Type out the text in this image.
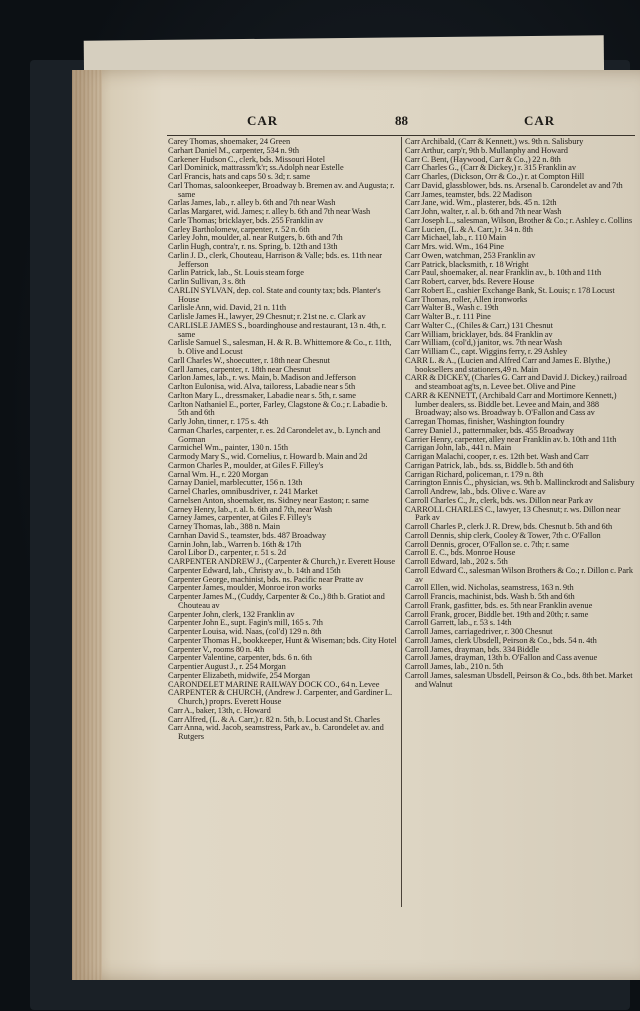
CAR	88	CAR

Carey Thomas, shoemaker, 24 Green

Carhart Daniel M., carpenter, 534 n. 9th

Carkener Hudson C., clerk, bds. Missouri Hotel

Carl Dominick, mattrassm'k'r; ss.Adolph near Estelle

Carl Francis, hats and caps 50 s. 3d; r. same

Carl Thomas, saloonkeeper, Broadway b. Bremen av. and Augusta; r. same

Carlas James, lab., r. alley b. 6th and 7th near Wash

Carlas Margaret, wid. James; r. alley b. 6th and 7th near Wash

Carle Thomas; bricklayer, bds. 255 Franklin av

Carley Bartholomew, carpenter, r. 52 n. 6th

Carley John, moulder, al. near Rutgers, b. 6th and 7th

Carlin Hugh, contra'r, r. ns. Spring, b. 12th and 13th

Carlin J. D., clerk, Chouteau, Harrison & Valle; bds. es. 11th near Jefferson

Carlin Patrick, lab., St. Louis steam forge

Carlin Sullivan, 3 s. 8th

CARLIN SYLVAN, dep. col. State and county tax; bds. Planter's House

Carlisle Ann, wid. David, 21 n. 11th

Carlisle James H., lawyer, 29 Chesnut; r. 21st ne. c. Clark av

CARLISLE JAMES S., boardinghouse and restaurant, 13 n. 4th, r. same

Carlisle Samuel S., salesman, H. & R. B. Whittemore & Co., r. 11th, b. Olive and Locust

Carll Charles W., shoecutter, r. 18th near Chesnut

Carll James, carpenter, r. 18th near Chesnut

Carlon James, lab., r. ws. Main, b. Madison and Jefferson

Carlton Eulonisa, wid. Alva, tailoress, Labadie near s 5th

Carlton Mary L., dressmaker, Labadie near s. 5th, r. same

Carlton Nathaniel E., porter, Farley, Clagstone & Co.; r. Labadie b. 5th and 6th

Carly John, tinner, r. 175 s. 4th

Carman Charles, carpenter, r. es. 2d Carondelet av., b. Lynch and Gorman

Carmichel Wm., painter, 130 n. 15th

Carmody Mary S., wid. Cornelius, r. Howard b. Main and 2d

Carmon Charles P., moulder, at Giles F. Filley's

Carnal Wm. H., r. 220 Morgan

Carnay Daniel, marblecutter, 156 n. 13th

Carnel Charles, omnibusdriver, r. 241 Market

Carnelsen Anton, shoemaker, ns. Sidney near Easton; r. same

Carney Henry, lab., r. al. b. 6th and 7th, near Wash

Carney James, carpenter, at Giles F. Filley's

Carney Thomas, lab., 388 n. Main

Carnhan David S., teamster, bds. 487 Broadway

Carnin John, lab., Warren b. 16th & 17th

Carol Libor D., carpenter, r. 51 s. 2d

CARPENTER ANDREW J., (Carpenter & Church,) r. Everett House

Carpenter Edward, lab., Christy av., b. 14th and 15th

Carpenter George, machinist, bds. ns. Pacific near Pratte av

Carpenter James, moulder, Monroe iron works

Carpenter James M., (Cuddy, Carpenter & Co.,) 8th b. Gratiot and Chouteau av

Carpenter John, clerk, 132 Franklin av

Carpenter John E., supt. Fagin's mill, 165 s. 7th

Carpenter Louisa, wid. Naas, (col'd) 129 n. 8th

Carpenter Thomas H., bookkeeper, Hunt & Wiseman; bds. City Hotel

Carpenter V., rooms 80 n. 4th

Carpenter Valentine, carpenter, bds. 6 n. 6th

Carpentier August J., r. 254 Morgan

Carpenter Elizabeth, midwife, 254 Morgan

CARONDELET MARINE RAILWAY DOCK CO., 64 n. Levee

CARPENTER & CHURCH, (Andrew J. Carpenter, and Gardiner L. Church,) proprs. Everett House

Carr A., baker, 13th, c. Howard

Carr Alfred, (L. & A. Carr,) r. 82 n. 5th, b. Locust and St. Charles

Carr Anna, wid. Jacob, seamstress, Park av., b. Carondelet av. and Rutgers

Carr Archibald, (Carr & Kennett,) ws. 9th n. Salisbury

Carr Arthur, carp'r, 9th b. Mullanphy and Howard

Carr C. Bent, (Haywood, Carr & Co.,) 22 n. 8th

Carr Charles G., (Carr & Dickey,) r. 315 Franklin av

Carr Charles, (Dickson, Orr & Co.,) r. at Compton Hill

Carr David, glassblower, bds. ns. Arsenal b. Carondelet av and 7th

Carr James, teamster, bds. 22 Madison

Carr Jane, wid. Wm., plasterer, bds. 45 n. 12th

Carr John, walter, r. al. b. 6th and 7th near Wash

Carr Joseph L., salesman, Wilson, Brother & Co.; r. Ashley c. Collins

Carr Lucien, (L. & A. Carr,) r. 34 n. 8th

Carr Michael, lab., r. 110 Main

Carr Mrs. wid. Wm., 164 Pine

Carr Owen, watchman, 253 Franklin av

Carr Patrick, blacksmith, r. 18 Wright

Carr Paul, shoemaker, al. near Franklin av., b. 10th and 11th

Carr Robert, carver, bds. Revere House

Carr Robert E., cashier Exchange Bank, St. Louis; r. 178 Locust

Carr Thomas, roller, Allen ironworks

Carr Walter B., Wash c. 19th

Carr Walter B., r. 111 Pine

Carr Walter C., (Chiles & Carr,) 131 Chesnut

Carr William, bricklayer, bds. 84 Franklin av

Carr William, (col'd,) janitor, ws. 7th near Wash

Carr William C., capt. Wiggins ferry, r. 29 Ashley

CARR L. & A., (Lucien and Alfred Carr and James E. Blythe,) booksellers and stationers,49 n. Main

CARR & DICKEY, (Charles G. Carr and David J. Dickey,) railroad and steamboat ag'ts, n. Levee bet. Olive and Pine

CARR & KENNETT, (Archibald Carr and Mortimore Kennett,) lumber dealers, ss. Biddle bet. Levee and Main, and 388 Broadway; also ws. Broadway b. O'Fallon and Cass av

Carregan Thomas, finisher, Washington foundry

Carrey Daniel J., patternmaker, bds. 455 Broadway

Carrier Henry, carpenter, alley near Franklin av. b. 10th and 11th

Carrigan John, lab., 441 n. Main

Carrigan Malachi, cooper, r. es. 12th bet. Wash and Carr

Carrigan Patrick, lab., bds. ss, Biddle b. 5th and 6th

Carrigan Richard, policeman, r. 179 n. 8th

Carrington Ennis C., physician, ws. 9th b. Mallinckrodt and Salisbury

Carroll Andrew, lab., bds. Olive c. Ware av

Carroll Charles C., Jr., clerk, bds. ws. Dillon near Park av

CARROLL CHARLES C., lawyer, 13 Chesnut; r. ws. Dillon near Park av

Carroll Charles P., clerk J. R. Drew, bds. Chesnut b. 5th and 6th

Carroll Dennis, ship clerk, Cooley & Tower, 7th c. O'Fallon

Carroll Dennis, grocer, O'Fallon se. c. 7th; r. same

Carroll E. C., bds. Monroe House

Carroll Edward, lab., 202 s. 5th

Carroll Edward C., salesman Wilson Brothers & Co.; r. Dillon c. Park av

Carroll Ellen, wid. Nicholas, seamstress, 163 n. 9th

Carroll Francis, machinist, bds. Wash b. 5th and 6th

Carroll Frank, gasfitter, bds. es. 5th near Franklin avenue

Carroll Frank, grocer, Biddle bet. 19th and 20th; r. same

Carroll Garrett, lab., r. 53 s. 14th

Carroll James, carriagedriver, r. 300 Chesnut

Carroll James, clerk Ubsdell, Peirson & Co., bds. 54 n. 4th

Carroll James, drayman, bds. 334 Biddle

Carroll James, drayman, 13th b. O'Fallon and Cass avenue

Carroll James, lab., 210 n. 5th

Carroll James, salesman Ubsdell, Peirson & Co., bds. 8th bet. Market and Walnut
